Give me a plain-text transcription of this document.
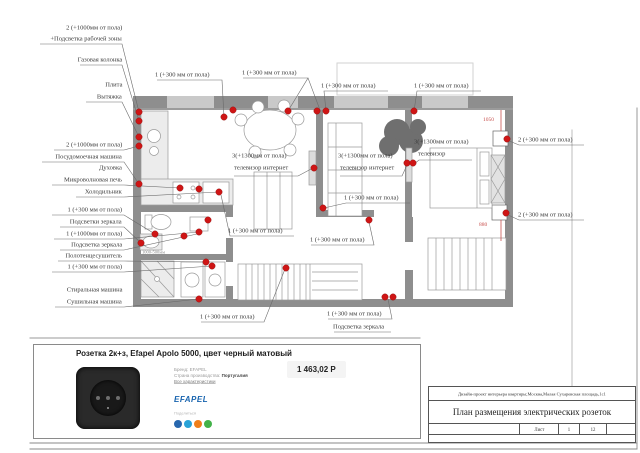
2 (+1000мм от пола)
+Подсветка рабочей зоны
Газовая колонка
Плита
Вытяжка
1 (+300 мм от пола)	1 (+300 мм от пола)
1 (+300 мм от пола)	1 (+300 мм от пола)
2 (+1000мм от пола)
Посудомоечная машина
Духовка
Микроволновая печь
Холодильник
1 (+300 мм от пола)
Подсветки зеркала
1 (+1000мм от пола)
Подсветка зеркала
Полотенцесушитель
1 (+300 мм от пола)
Стиральная машина
Сушильная машина
3(+1300мм от пола)
телевизор интернет
3(+1300мм от пола)
телевизор интернет
3(+1300мм от пола)
телевизор
1 (+300 мм от пола)
1 (+300 мм от пола)
1 (+300 мм от пола)
2 (+300 мм от пола)
2 (+300 мм от пола)
1050
880
1 (+300 мм от пола)	1 (+300 мм от пола)
Подсветка зеркала
1000-500мм
Розетка 2к+з, Efapel Apolo 5000, цвет черный матовый
Бренд: EFAPEL
Страна производства: Португалия
Все характеристики
EFAPEL
Поделиться
1 463,02 Р
Дизайн-проект интерьера квартиры;Москва,Малая Сухаревская площадь,1с1
План размещения электрических розеток
Лист	1	12
